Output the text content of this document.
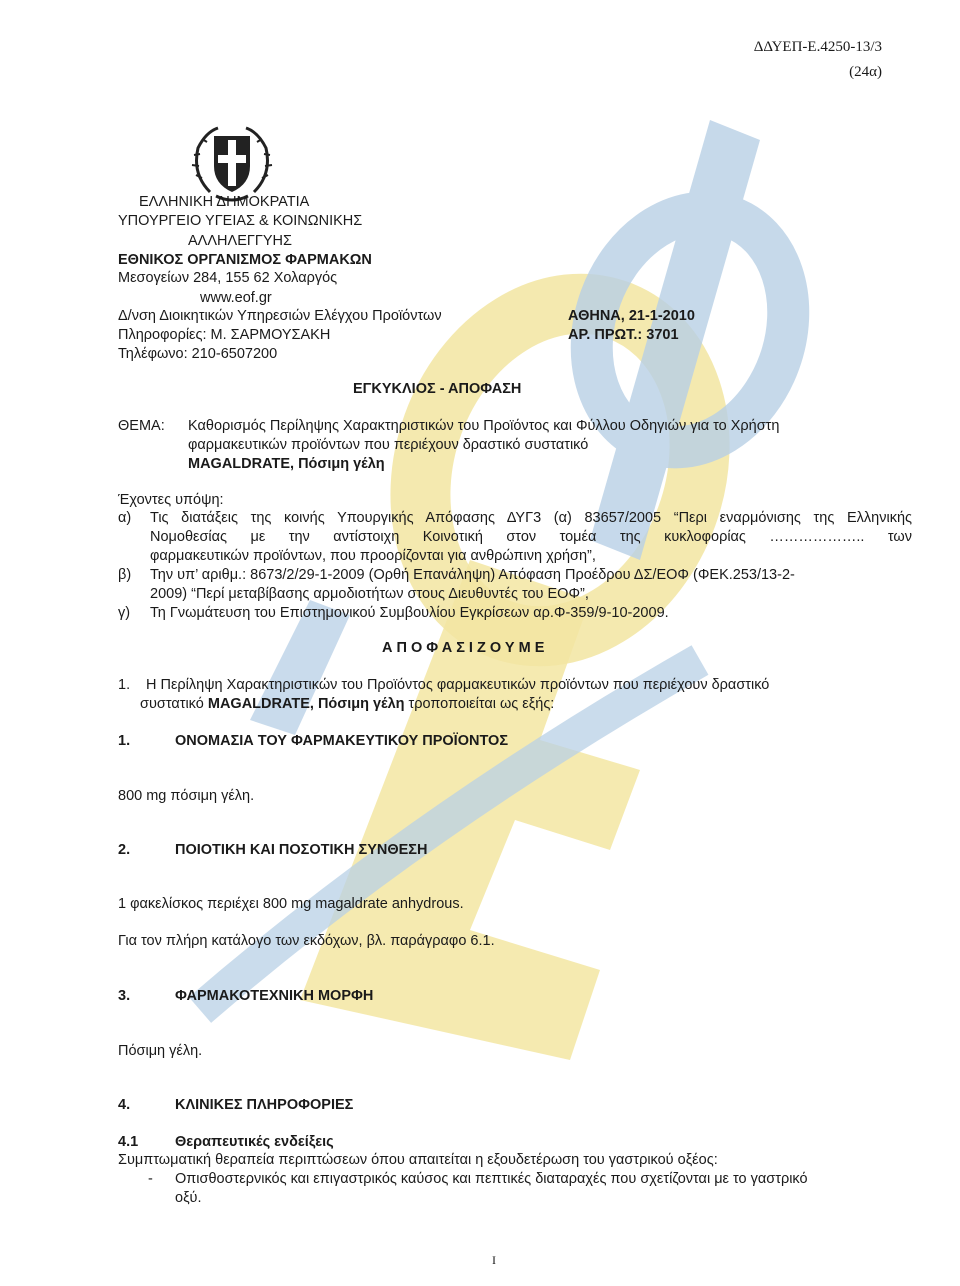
ΔΔΥΕΠ-Ε.4250-13/3
(24α)
ΕΛΛΗΝΙΚΗ ΔΗΜΟΚΡΑΤΙΑ
ΥΠΟΥΡΓΕΙΟ ΥΓΕΙΑΣ & ΚΟΙΝΩΝΙΚΗΣ
ΑΛΛΗΛΕΓΓΥΗΣ
ΕΘΝΙΚΟΣ ΟΡΓΑΝΙΣΜΟΣ ΦΑΡΜΑΚΩΝ
Μεσογείων 284, 155 62 Χολαργός
www.eof.gr
Δ/νση Διοικητικών Υπηρεσιών Ελέγχου Προϊόντων
Πληροφορίες: Μ. ΣΑΡΜΟΥΣΑΚΗ
Τηλέφωνο: 210-6507200
ΑΘΗΝΑ, 21-1-2010
ΑΡ. ΠΡΩΤ.: 3701
ΕΓΚΥΚΛΙΟΣ - ΑΠΟΦΑΣΗ
ΘΕΜΑ: Καθορισμός Περίληψης Χαρακτηριστικών του Προϊόντος και Φύλλου Οδηγιών για το Χρήστη
φαρμακευτικών προϊόντων που περιέχουν δραστικό συστατικό
MAGALDRATE, Πόσιμη γέλη
Έχοντες υπόψη:
α) Τις διατάξεις της κοινής Υπουργικής Απόφασης ΔΥΓ3 (α) 83657/2005 “Περι εναρμόνισης της Ελληνικής
Νομοθεσίας με την αντίστοιχη Κοινοτική στον τομέα της κυκλοφορίας ……………….. των
φαρμακευτικών προϊόντων, που προορίζονται για ανθρώπινη χρήση”,
β) Την υπ’ αριθμ.: 8673/2/29-1-2009 (Ορθή Επανάληψη) Απόφαση Προέδρου ΔΣ/ΕΟΦ (ΦΕΚ.253/13-2-
2009) “Περί μεταβίβασης αρμοδιοτήτων στους Διευθυντές του ΕΟΦ”,
γ) Τη Γνωμάτευση του Επιστημονικού Συμβουλίου Εγκρίσεων αρ.Φ-359/9-10-2009.
Α Π Ο Φ Α Σ Ι Ζ Ο Υ Μ Ε
1. Η Περίληψη Χαρακτηριστικών του Προϊόντος φαρμακευτικών προϊόντων που περιέχουν δραστικό
συστατικό MAGALDRATE, Πόσιμη γέλη τροποποιείται ως εξής:
1.	ΟΝΟΜΑΣΙΑ ΤΟΥ ΦΑΡΜΑΚΕΥΤΙΚΟΥ ΠΡΟΪΟΝΤΟΣ
800 mg πόσιμη γέλη.
2.	ΠΟΙΟΤΙΚΗ ΚΑΙ ΠΟΣΟΤΙΚΗ ΣΥΝΘΕΣΗ
1 φακελίσκος περιέχει 800 mg magaldrate anhydrous.
Για τον πλήρη κατάλογο των εκδόχων, βλ. παράγραφο 6.1.
3.	ΦΑΡΜΑΚΟΤΕΧΝΙΚΗ ΜΟΡΦΗ
Πόσιμη γέλη.
4.	ΚΛΙΝΙΚΕΣ ΠΛΗΡΟΦΟΡΙΕΣ
4.1	Θεραπευτικές ενδείξεις
Συμπτωματική θεραπεία περιπτώσεων όπου απαιτείται η εξουδετέρωση του γαστρικού οξέος:
- Οπισθοστερνικός και επιγαστρικός καύσος και πεπτικές διαταραχές που σχετίζονται με το γαστρικό
οξύ.
I
